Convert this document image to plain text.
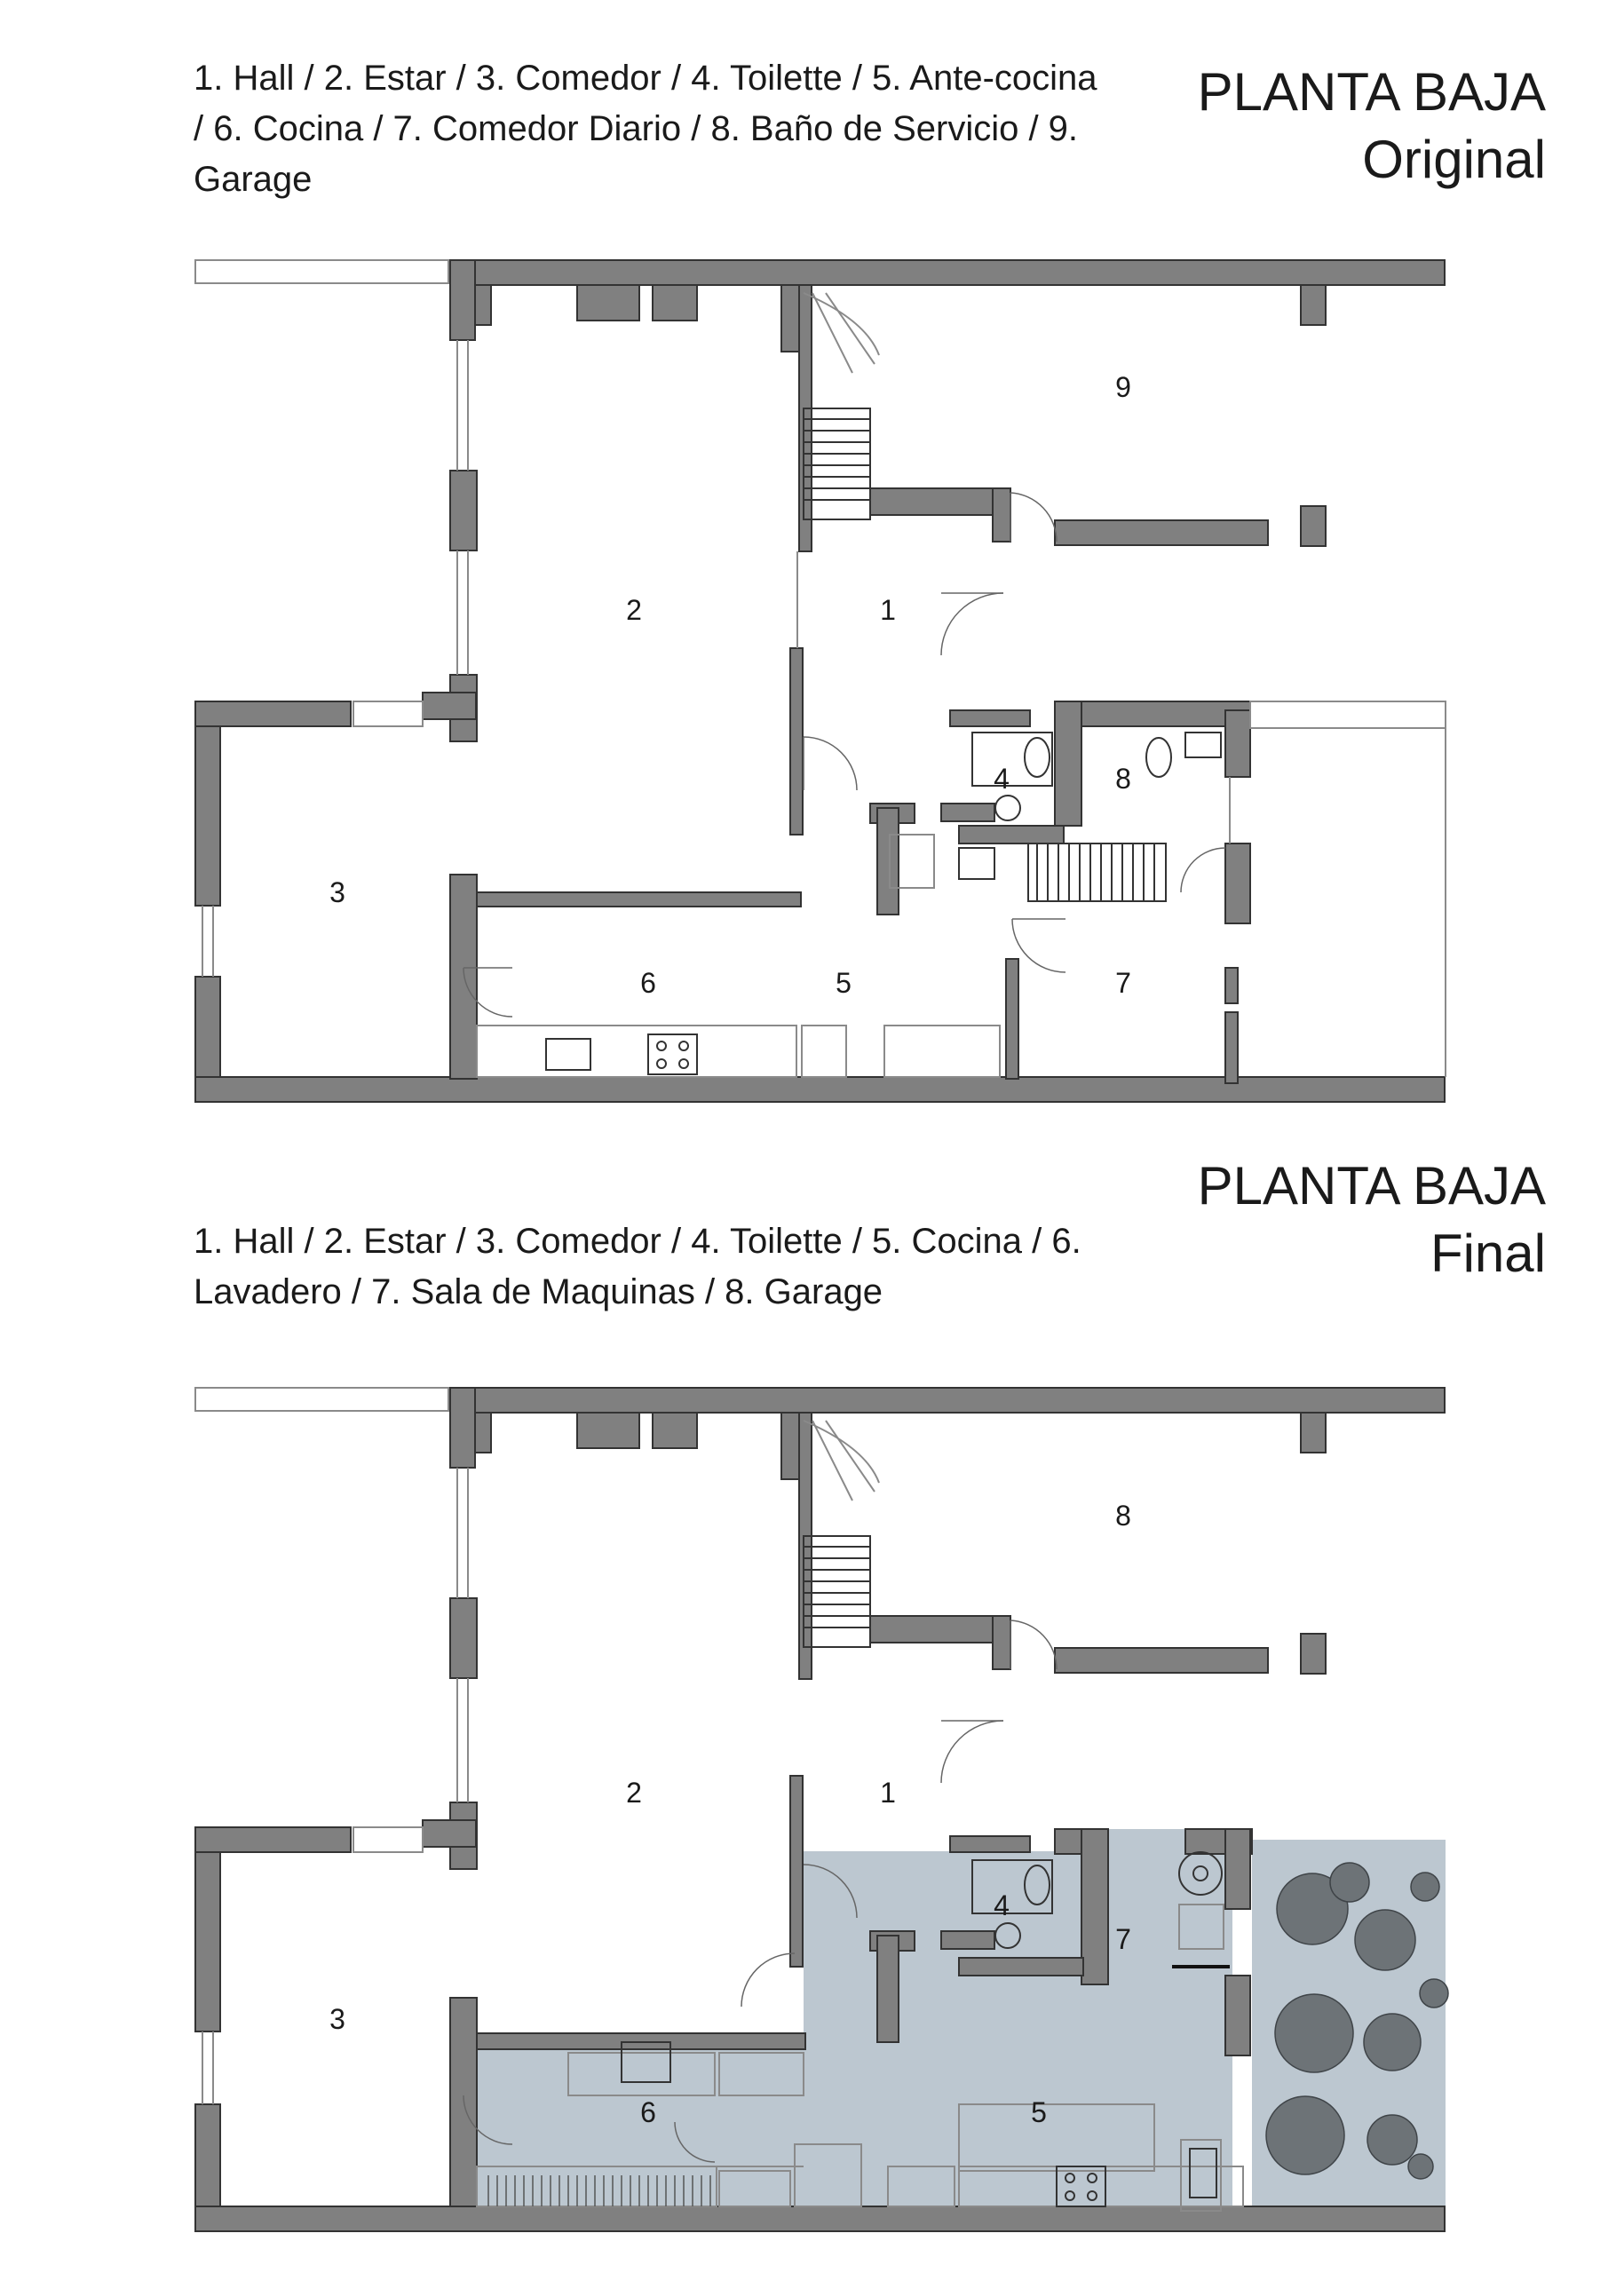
1. Hall / 2. Estar / 3. Comedor / 4. Toilette / 5. Ante-cocina / 6. Cocina / 7. Comedor Diario / 8. Baño de Servicio / 9. Garage
PLANTA BAJA
Original
1
2
3
4
5
6	7
8
9
PLANTA BAJA
Final
1. Hall / 2. Estar / 3. Comedor / 4. Toilette / 5. Cocina / 6. Lavadero / 7. Sala de Maquinas / 8. Garage
1
2
3
4
5
6
7
8
